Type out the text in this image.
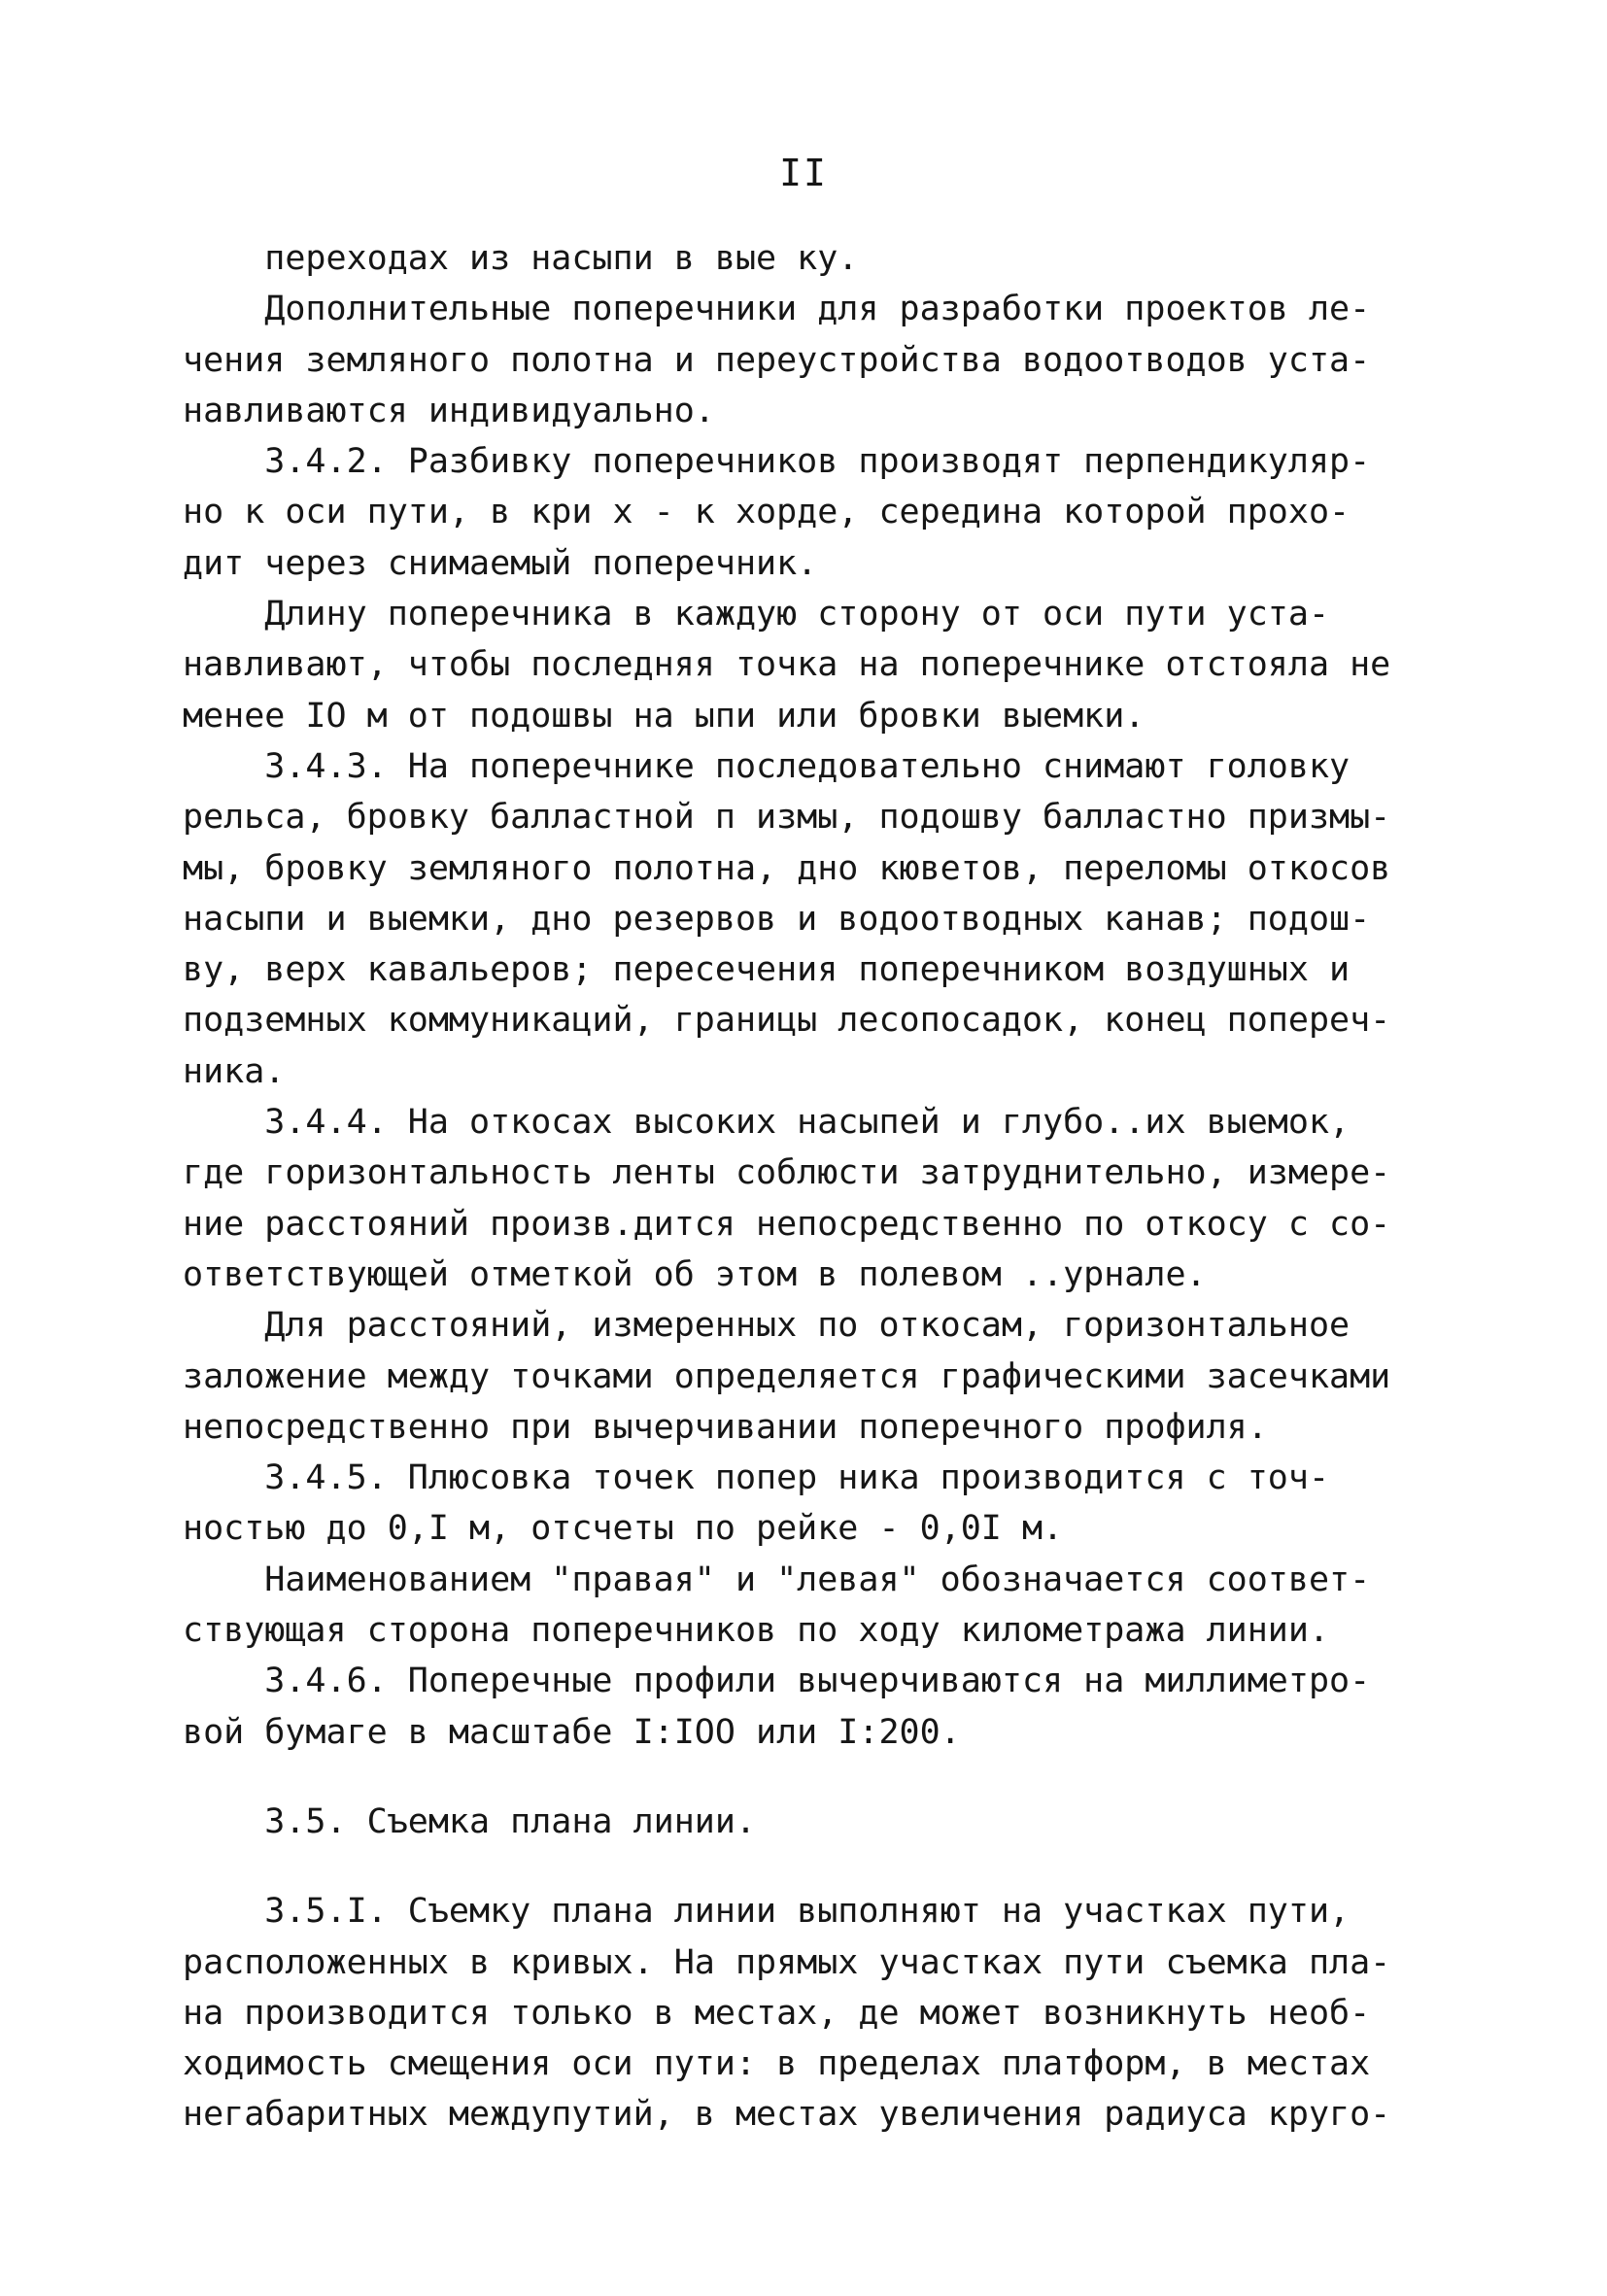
II
переходах из насыпи в вые ку.
Дополнительные поперечники для разработки проектов ле-
чения земляного полотна и переустройства водоотводов уста-
навливаются индивидуально.
3.4.2. Разбивку поперечников производят перпендикуляр-
но к оси пути, в кри х - к хорде, середина которой прохо-
дит через снимаемый поперечник.
Длину поперечника в каждую сторону от оси пути уста-
навливают, чтобы последняя точка на поперечнике отстояла не
менее IO м от подошвы на ыпи или бровки выемки.
3.4.3. На поперечнике последовательно снимают головку
рельса, бровку балластной п измы, подошву балластно призмы-
мы, бровку земляного полотна, дно кюветов, переломы откосов
насыпи и выемки, дно резервов и водоотводных канав; подош-
ву, верх кавальеров; пересечения поперечником воздушных и
подземных коммуникаций, границы лесопосадок, конец попереч-
ника.
3.4.4. На откосах высоких насыпей и глубо..их выемок,
где горизонтальность ленты соблюсти затруднительно, измере-
ние расстояний произв.дится непосредственно по откосу с со-
ответствующей отметкой об этом в полевом ..урнале.
Для расстояний, измеренных по откосам, горизонтальное
заложение между точками определяется графическими засечками
непосредственно при вычерчивании поперечного профиля.
3.4.5. Плюсовка точек попер ника производится с точ-
ностью до 0,I м, отсчеты по рейке - 0,0I м.
Наименованием "правая" и "левая" обозначается соответ-
ствующая сторона поперечников по ходу километража линии.
3.4.6. Поперечные профили вычерчиваются на миллиметро-
вой бумаге в масштабе I:IOO или I:200.
3.5. Съемка плана линии.
3.5.I. Съемку плана линии выполняют на участках пути,
расположенных в кривых. На прямых участках пути съемка пла-
на производится только в местах, де может возникнуть необ-
ходимость смещения оси пути: в пределах платформ, в местах
негабаритных междупутий, в местах увеличения радиуса круго-
